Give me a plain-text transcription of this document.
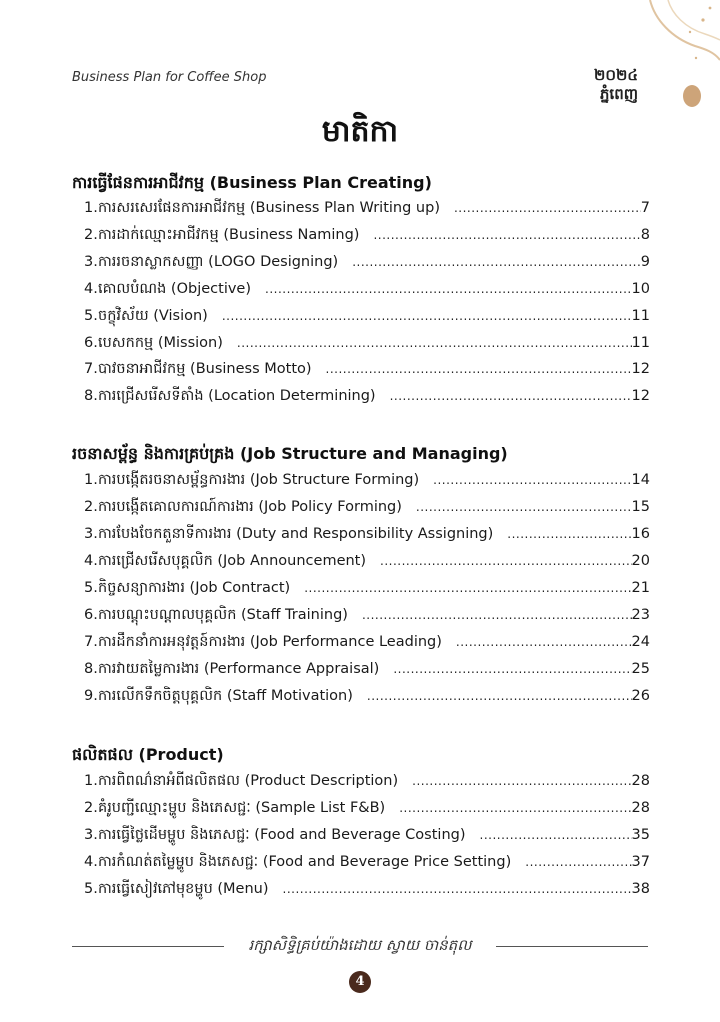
Business Plan for Coffee Shop	២០២៤
ភ្នំពេញ
មាតិកា
ការធ្វើផែនការអាជីវកម្ម (Business Plan Creating)
1. ការសរសេរផែនការអាជីវកម្ម (Business Plan Writing up) .....	7
2. ការដាក់ឈ្មោះអាជីវកម្ម (Business Naming) .....	8
3. ការរចនាស្លាកសញ្ញា (LOGO Designing) .....	9
4. គោលបំណង (Objective) .....	10
5. ចក្ខុវិស័យ (Vision) .....	11
6. បេសកកម្ម (Mission) .....	11
7. បាវចនាអាជីវកម្ម (Business Motto) .....	12
8. ការជ្រើសរើសទីតាំង (Location Determining) .....	12
រចនាសម្ព័ន្ធ និងការគ្រប់គ្រង (Job Structure and Managing)
1. ការបង្កើតរចនាសម្ព័ន្ធការងារ (Job Structure Forming) .....	14
2. ការបង្កើតគោលការណ៍ការងារ (Job Policy Forming) .....	15
3. ការបែងចែកតួនាទីការងារ (Duty and Responsibility Assigning) .....	16
4. ការជ្រើសរើសបុគ្គលិក (Job Announcement) .....	20
5. កិច្ចសន្យាការងារ (Job Contract) .....	21
6. ការបណ្ដុះបណ្ដាលបុគ្គលិក (Staff Training) .....	23
7. ការដឹកនាំការអនុវត្តន៍ការងារ (Job Performance Leading) .....	24
8. ការវាយតម្លៃការងារ (Performance Appraisal) .....	25
9. ការលើកទឹកចិត្តបុគ្គលិក (Staff Motivation) .....	26
ផលិតផល (Product)
1. ការពិពណ៌នាអំពីផលិតផល (Product Description) .....	28
2. គំរូបញ្ជីឈ្មោះម្ហូប និងភេសជ្ជៈ (Sample List F&B) .....	28
3. ការធ្វើថ្លៃដើមម្ហូប និងភេសជ្ជៈ (Food and Beverage Costing) .....	35
4. ការកំណត់តម្លៃម្ហូប និងភេសជ្ជៈ (Food and Beverage Price Setting) .....	37
5. ការធ្វើសៀវភៅមុខម្ហូប (Menu) .....	38
រក្សាសិទ្ធិគ្រប់យ៉ាងដោយ ស្វាយ ចាន់តុល
4
